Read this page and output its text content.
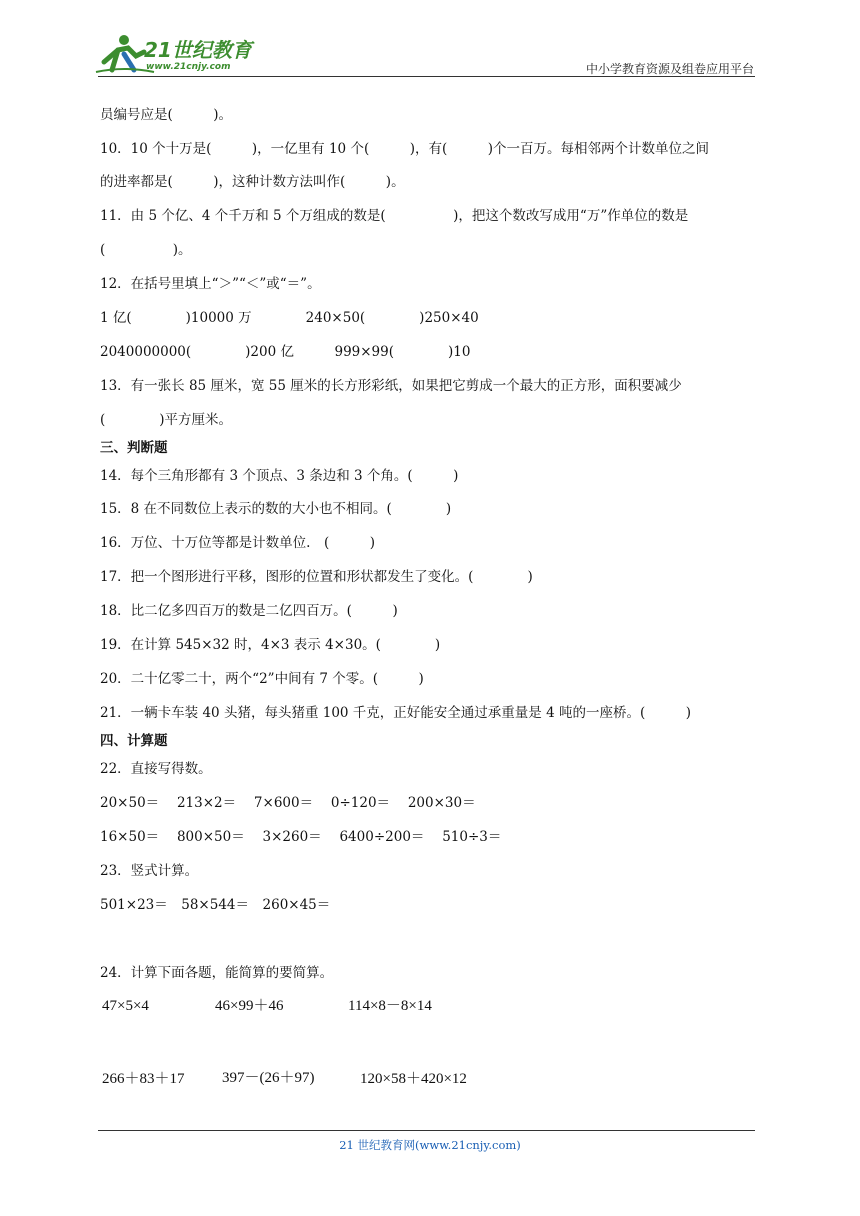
21世纪教育
www.21cnjy.com	中小学教育资源及组卷应用平台
员编号应是(　　　)。
10．10 个十万是(　　　)，一亿里有 10 个(　　　)，有(　　　)个一百万。每相邻两个计数单位之间
的进率都是(　　　)，这种计数方法叫作(　　　)。
11．由 5 个亿、4 个千万和 5 个万组成的数是(　　　　　)，把这个数改写成用“万”作单位的数是
(　　　　　)。
12．在括号里填上“＞”“＜”或“＝”。
1 亿(　　　　)10000 万　　　　240×50(　　　　)250×40
2040000000(　　　　)200 亿　　　999×99(　　　　)10
13．有一张长 85 厘米，宽 55 厘米的长方形彩纸，如果把它剪成一个最大的正方形，面积要减少
(　　　　)平方厘米。
三、判断题
14．每个三角形都有 3 个顶点、3 条边和 3 个角。(　　　)
15．8 在不同数位上表示的数的大小也不相同。(　　　　)
16．万位、十万位等都是计数单位.　(　　　)
17．把一个图形进行平移，图形的位置和形状都发生了变化。(　　　　)
18．比二亿多四百万的数是二亿四百万。(　　　)
19．在计算 545×32 时，4×3 表示 4×30。(　　　　)
20．二十亿零二十，两个“2”中间有 7 个零。(　　　)
21．一辆卡车装 40 头猪，每头猪重 100 千克，正好能安全通过承重量是 4 吨的一座桥。(　　　)
四、计算题
22．直接写得数。
20×50＝　 213×2＝　 7×600＝　 0÷120＝　 200×30＝
16×50＝　 800×50＝　 3×260＝　 6400÷200＝　 510÷3＝
23．竖式计算。
501×23＝　58×544＝　260×45＝
24．计算下面各题，能简算的要简算。
47×5×4	46×99＋46	114×8－8×14
266＋83＋17 397－(26＋97)	120×58＋420×12
21 世纪教育网(www.21cnjy.com)
